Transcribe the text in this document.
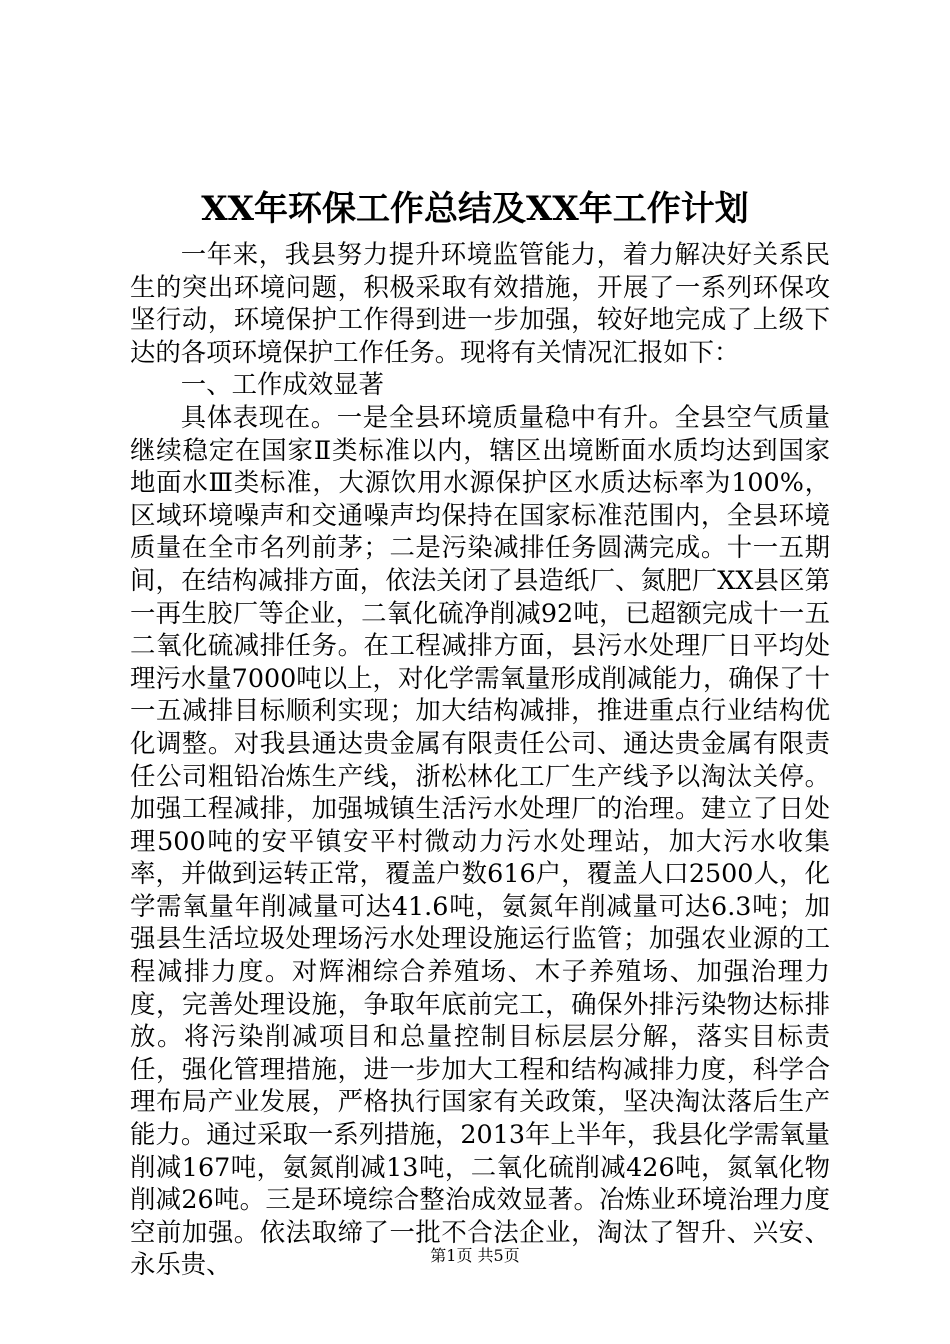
XX年环保工作总结及XX年工作计划

一年来，我县努力提升环境监管能力，着力解决好关系民生的突出环境问题，积极采取有效措施，开展了一系列环保攻坚行动，环境保护工作得到进一步加强，较好地完成了上级下达的各项环境保护工作任务。现将有关情况汇报如下：

一、工作成效显著

具体表现在。一是全县环境质量稳中有升。全县空气质量继续稳定在国家Ⅱ类标准以内，辖区出境断面水质均达到国家地面水Ⅲ类标准，大源饮用水源保护区水质达标率为100%，区域环境噪声和交通噪声均保持在国家标准范围内，全县环境质量在全市名列前茅；二是污染减排任务圆满完成。十一五期间，在结构减排方面，依法关闭了县造纸厂、氮肥厂XX县区第一再生胶厂等企业，二氧化硫净削减92吨，已超额完成十一五二氧化硫减排任务。在工程减排方面，县污水处理厂日平均处理污水量7000吨以上，对化学需氧量形成削减能力，确保了十一五减排目标顺利实现；加大结构减排，推进重点行业结构优化调整。对我县通达贵金属有限责任公司、通达贵金属有限责任公司粗铅冶炼生产线，浙松林化工厂生产线予以淘汰关停。加强工程减排，加强城镇生活污水处理厂的治理。建立了日处理500吨的安平镇安平村微动力污水处理站，加大污水收集率，并做到运转正常，覆盖户数616户，覆盖人口2500人，化学需氧量年削减量可达41.6吨，氨氮年削减量可达6.3吨；加强县生活垃圾处理场污水处理设施运行监管；加强农业源的工程减排力度。对辉湘综合养殖场、木子养殖场、加强治理力度，完善处理设施，争取年底前完工，确保外排污染物达标排放。将污染削减项目和总量控制目标层层分解，落实目标责任，强化管理措施，进一步加大工程和结构减排力度，科学合理布局产业发展，严格执行国家有关政策，坚决淘汰落后生产能力。通过采取一系列措施，2013年上半年，我县化学需氧量削减167吨，氨氮削减13吨，二氧化硫削减426吨，氮氧化物削减26吨。三是环境综合整治成效显著。冶炼业环境治理力度空前加强。依法取缔了一批不合法企业，淘汰了智升、兴安、永乐贵、	第1页 共5页
